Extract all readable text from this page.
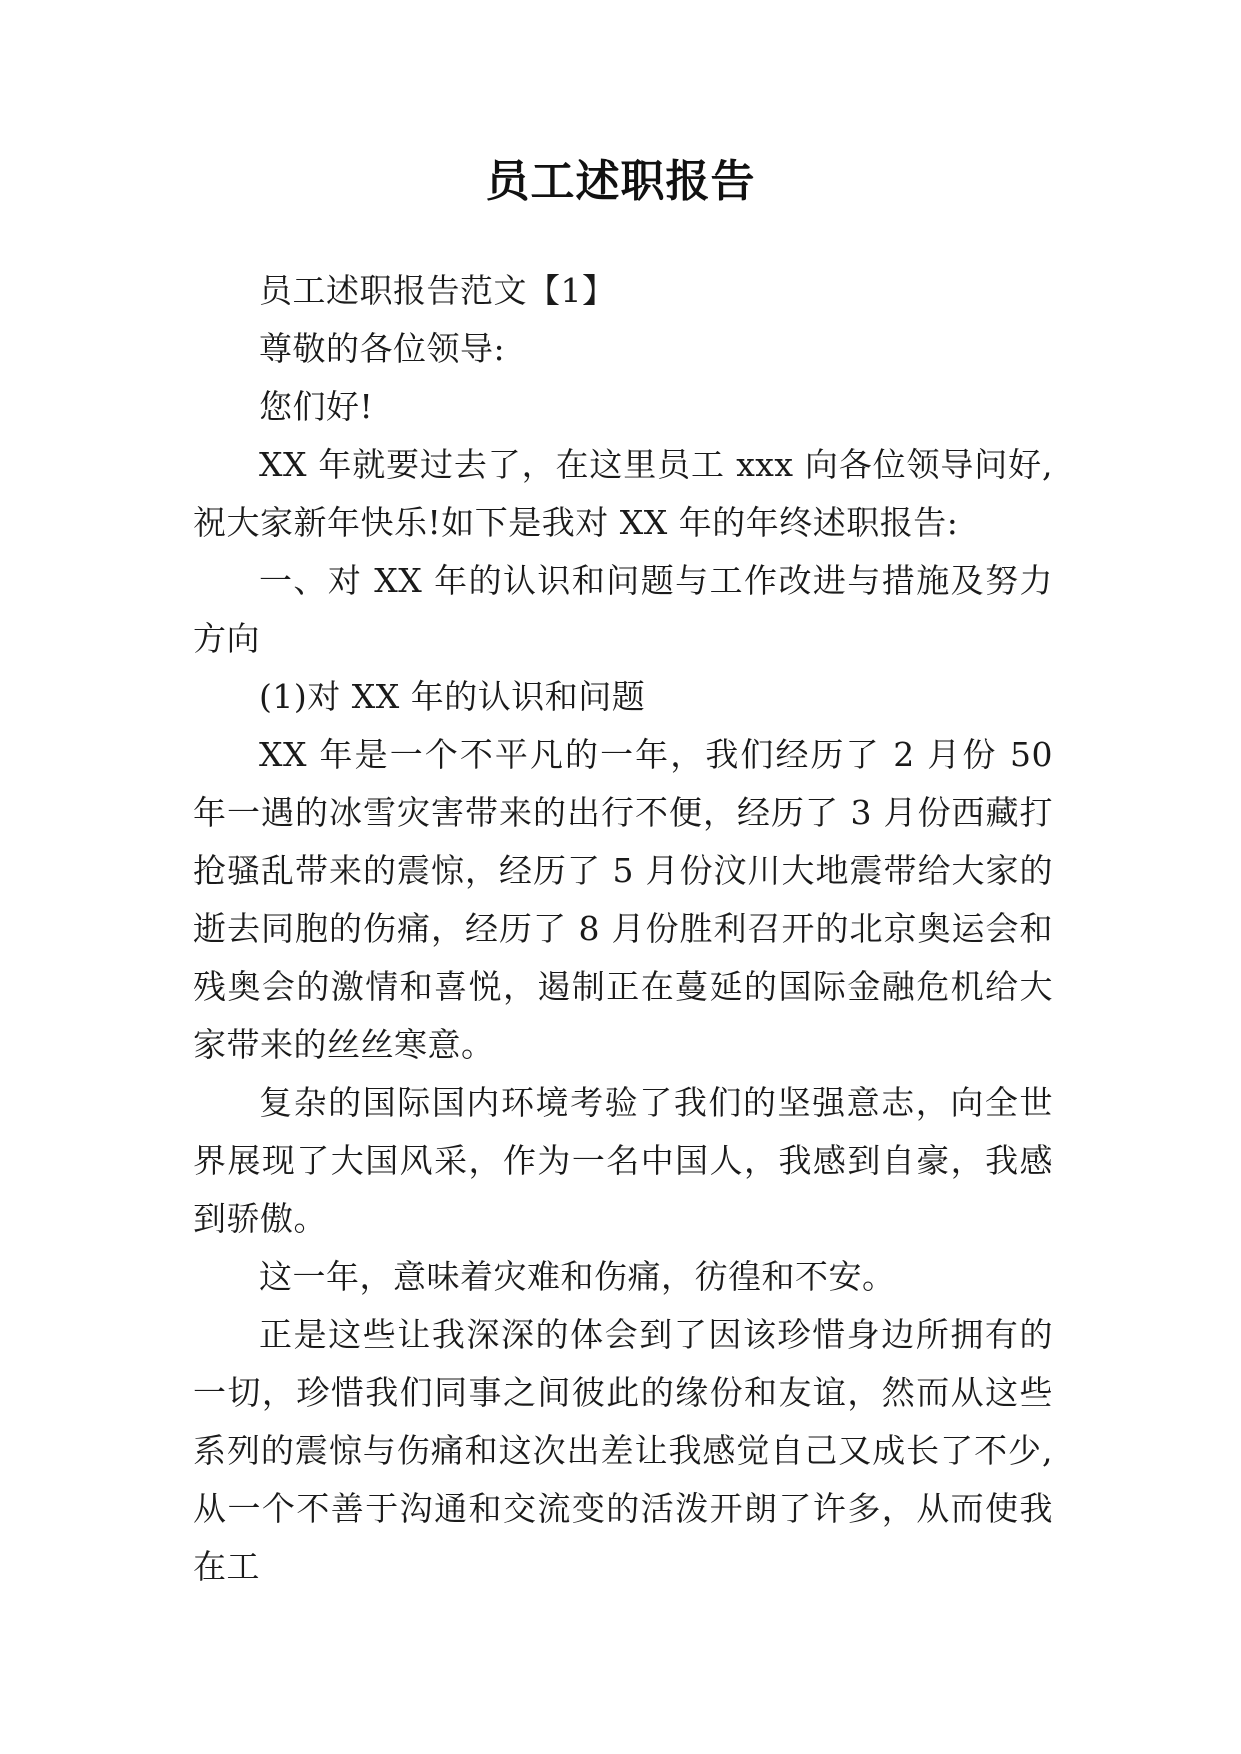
员工述职报告

员工述职报告范文【1】

尊敬的各位领导:

您们好!

XX 年就要过去了，在这里员工 xxx 向各位领导问好,祝大家新年快乐!如下是我对 XX 年的年终述职报告:

一、对 XX 年的认识和问题与工作改进与措施及努力方向

(1)对 XX 年的认识和问题

XX 年是一个不平凡的一年，我们经历了 2 月份 50 年一遇的冰雪灾害带来的出行不便，经历了 3 月份西藏打抢骚乱带来的震惊，经历了 5 月份汶川大地震带给大家的逝去同胞的伤痛，经历了 8 月份胜利召开的北京奥运会和残奥会的激情和喜悦，遏制正在蔓延的国际金融危机给大家带来的丝丝寒意。

复杂的国际国内环境考验了我们的坚强意志，向全世界展现了大国风采，作为一名中国人，我感到自豪，我感到骄傲。

这一年，意味着灾难和伤痛，彷徨和不安。

正是这些让我深深的体会到了因该珍惜身边所拥有的一切，珍惜我们同事之间彼此的缘份和友谊，然而从这些系列的震惊与伤痛和这次出差让我感觉自己又成长了不少,从一个不善于沟通和交流变的活泼开朗了许多，从而使我在工
